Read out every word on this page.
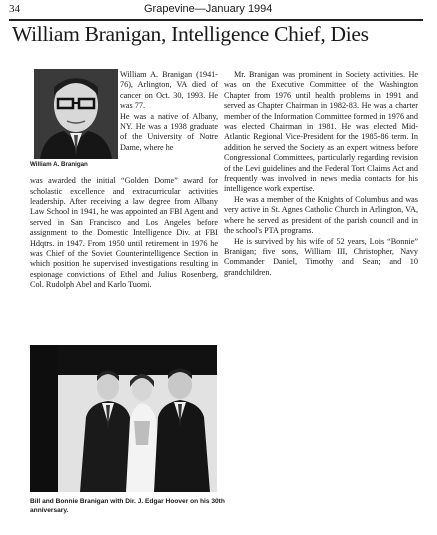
34	Grapevine—January 1994
William Branigan, Intelligence Chief, Dies
William A. Branigan

William A. Branigan (1941-76), Arlington, VA died of cancer on Oct. 30, 1993. He was 77.

He was a native of Albany, NY. He was a 1938 graduate of the University of Notre Dame, where he

was awarded the initial “Golden Dome” award for scholastic excellence and extracurricular activities leadership. After receiving a law degree from Albany Law School in 1941, he was appointed an FBI Agent and served in San Francisco and Los Angeles before assignment to the Domestic Intelligence Div. at FBI Hdqtrs. in 1947. From 1950 until retirement in 1976 he was Chief of the Soviet Counterintelligence Section in which position he supervised investigations resulting in espionage convictions of Ethel and Julius Rosenberg, Col. Rudolph Abel and Karlo Tuomi.

Mr. Branigan was prominent in Society activities. He was on the Executive Committee of the Washington Chapter from 1976 until health problems in 1991 and served as Chapter Chairman in 1982-83. He was a charter member of the Information Committee formed in 1976 and was elected Chairman in 1981. He was elected Mid-Atlantic Regional Vice-President for the 1985-86 term. In addition he served the Society as an expert witness before Congressional Committees, particularly regarding revision of the Levi guidelines and the Federal Tort Claims Act and frequently was involved in news media contacts for his intelligence work expertise.

He was a member of the Knights of Columbus and was very active in St. Agnes Catholic Church in Arlington, VA, where he served as president of the parish council and in the school's PTA programs.

He is survived by his wife of 52 years, Lois “Bonnie” Branigan; five sons, William III, Christopher, Navy Commander Daniel, Timothy and Sean; and 10 grandchildren.

Bill and Bonnie Branigan with Dir. J. Edgar Hoover on his 30th anniversary.
